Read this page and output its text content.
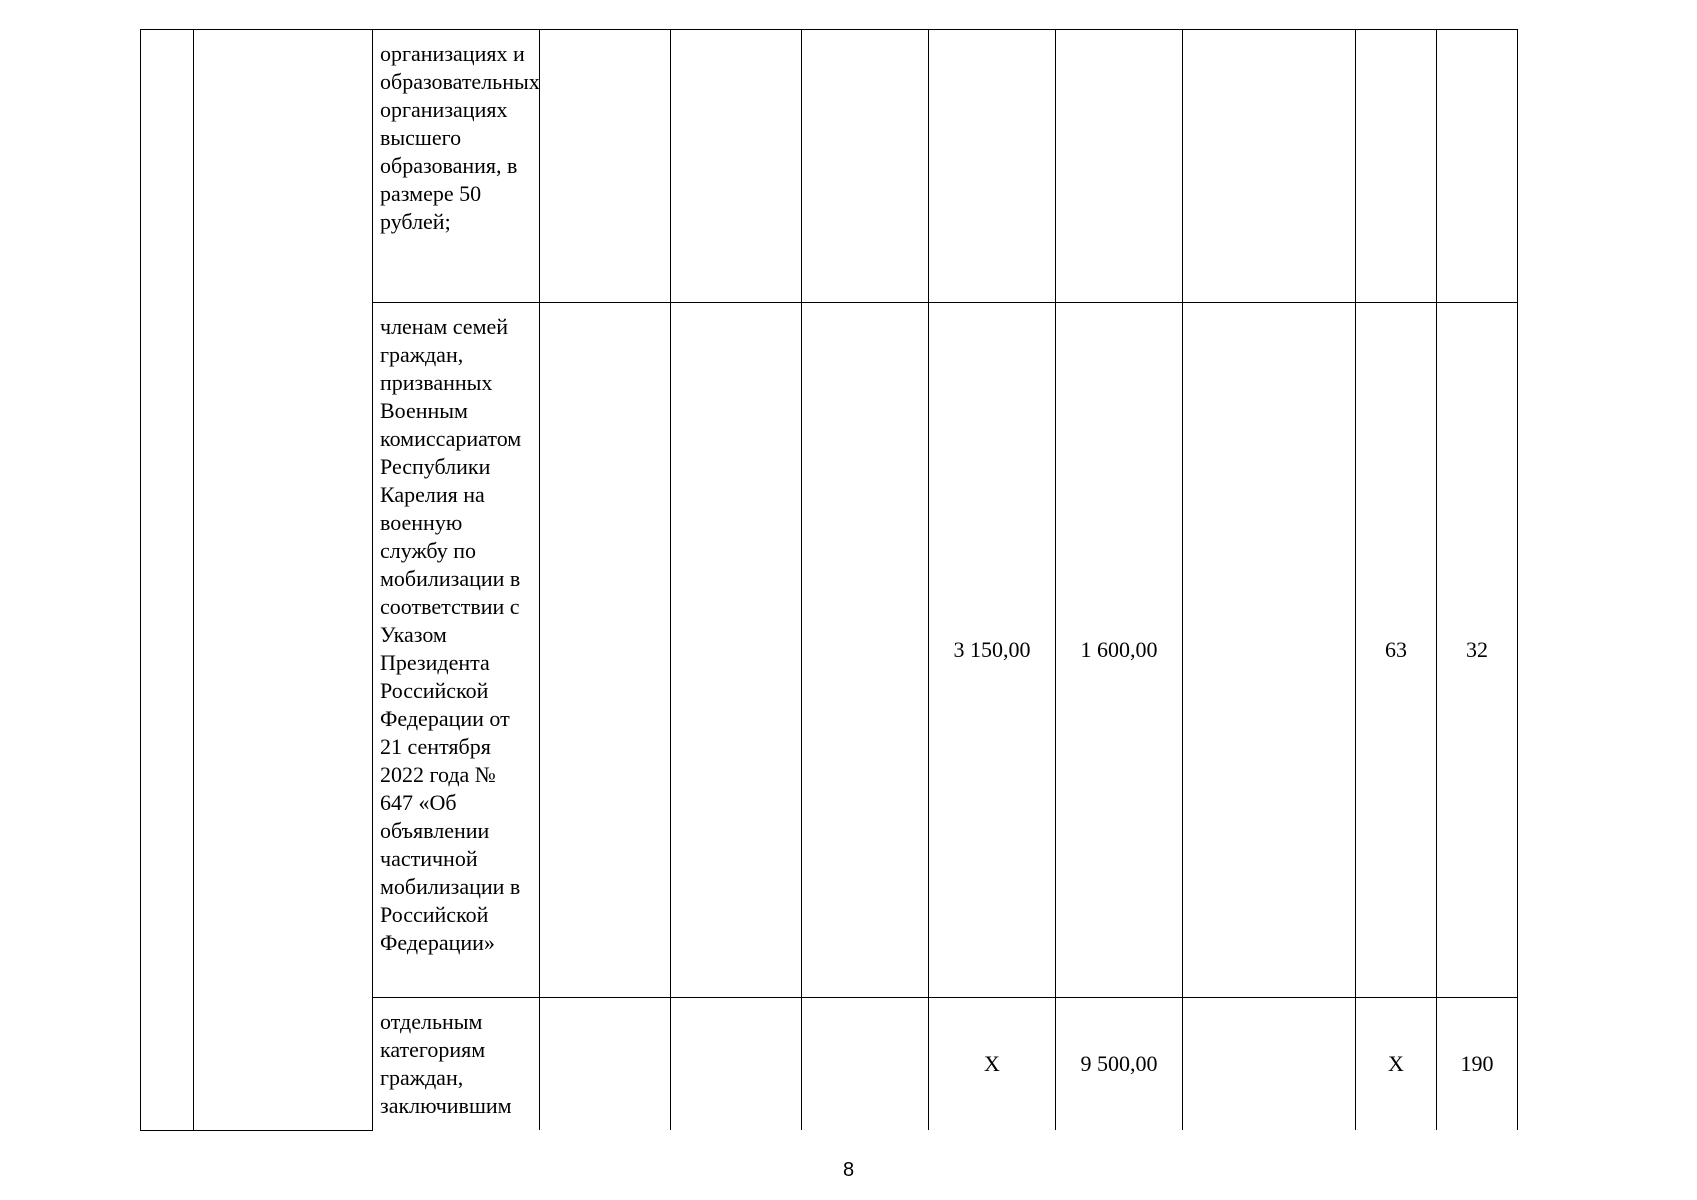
		организациях и образовательных организациях высшего образования, в размере 50 рублей;								
		членам семей граждан, призванных Военным комиссариатом Республики Карелия на военную службу по мобилизации в соответствии с Указом Президента Российской Федерации от 21 сентября 2022 года № 647 «Об объявлении частичной мобилизации в Российской Федерации»				3 150,00	1 600,00		63	32
		отдельным категориям граждан, заключившим				Х	9 500,00		Х	190
8
